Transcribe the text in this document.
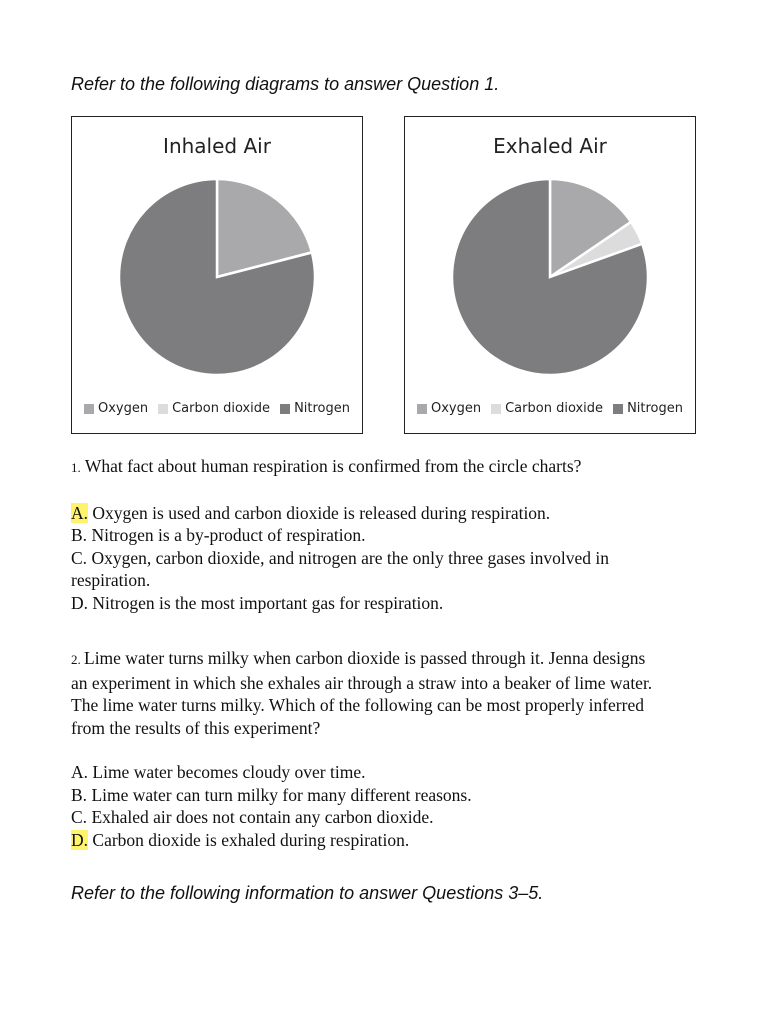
Refer to the following diagrams to answer Question 1.

Inhaled Air
Oxygen Carbon dioxide Nitrogen
Exhaled Air
Oxygen Carbon dioxide Nitrogen

1. What fact about human respiration is confirmed from the circle charts?

A. Oxygen is used and carbon dioxide is released during respiration.

B. Nitrogen is a by-product of respiration.

C. Oxygen, carbon dioxide, and nitrogen are the only three gases involved in

respiration.

D. Nitrogen is the most important gas for respiration.

2. Lime water turns milky when carbon dioxide is passed through it. Jenna designs

an experiment in which she exhales air through a straw into a beaker of lime water.

The lime water turns milky. Which of the following can be most properly inferred

from the results of this experiment?

A. Lime water becomes cloudy over time.

B. Lime water can turn milky for many different reasons.

C. Exhaled air does not contain any carbon dioxide.

D. Carbon dioxide is exhaled during respiration.

Refer to the following information to answer Questions 3–5.
